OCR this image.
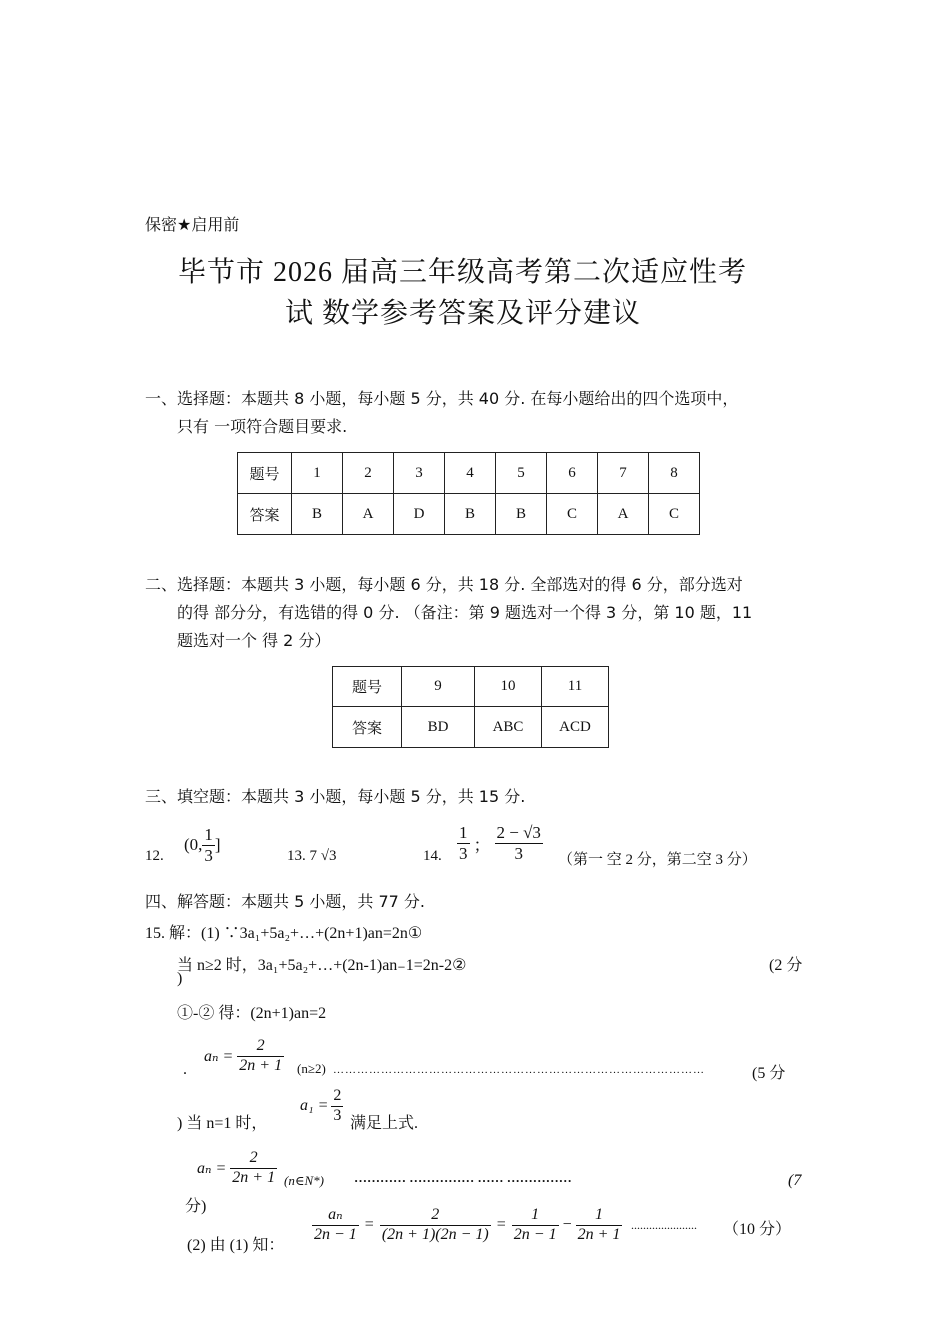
保密★启用前
毕节市 2026 届高三年级高考第二次适应性考
试 数学参考答案及评分建议
一、选择题：本题共 8 小题，每小题 5 分，共 40 分. 在每小题给出的四个选项中，
只有 一项符合题目要求.
题号	1	2	3	4	5	6	7	8
答案	B	A	D	B	B	C	A	C
二、选择题：本题共 3 小题，每小题 6 分，共 18 分. 全部选对的得 6 分，部分选对
的得 部分分，有选错的得 0 分. （备注：第 9 题选对一个得 3 分，第 10 题，11
题选对一个 得 2 分）
题号	9	10	11
答案	BD	ABC	ACD
三、填空题：本题共 3 小题，每小题 5 分，共 15 分.
12.
(0, $\frac{1}{3}$ ]
13. 7 √3	14. $\frac{1}{3}$ ； $\frac{2 - √3}{3}$ （第一 空 2 分，第二空 3 分）
四、解答题：本题共 5 小题，共 77 分.
15. 解：(1) ∵3a₁+5a₂+…+(2n+1)an=2n①
当 n≥2 时，3a₁+5a₂+…+(2n-1)an₋1=2n-2②	(2 分
)
①-② 得：(2n+1)an=2
.
$a_n = \frac{2}{2n + 1} (n\ge 2)$ …………………………………………………………………………………	(5 分
) 当 n=1 时，
$a_1 = \frac{2}{3}$ 满足上式.
$a_n = \frac{2}{2n + 1}$ (n∈N*) ………… …………… …… ……………	(7
分)
(2) 由 (1) 知：
$\frac{\text{aₙ}}{2n - 1} = \frac{2}{(2n + 1)(2n - 1)} = \frac{1}{2n - 1} - \frac{1}{2n + 1}$ ...................... （10 分）
